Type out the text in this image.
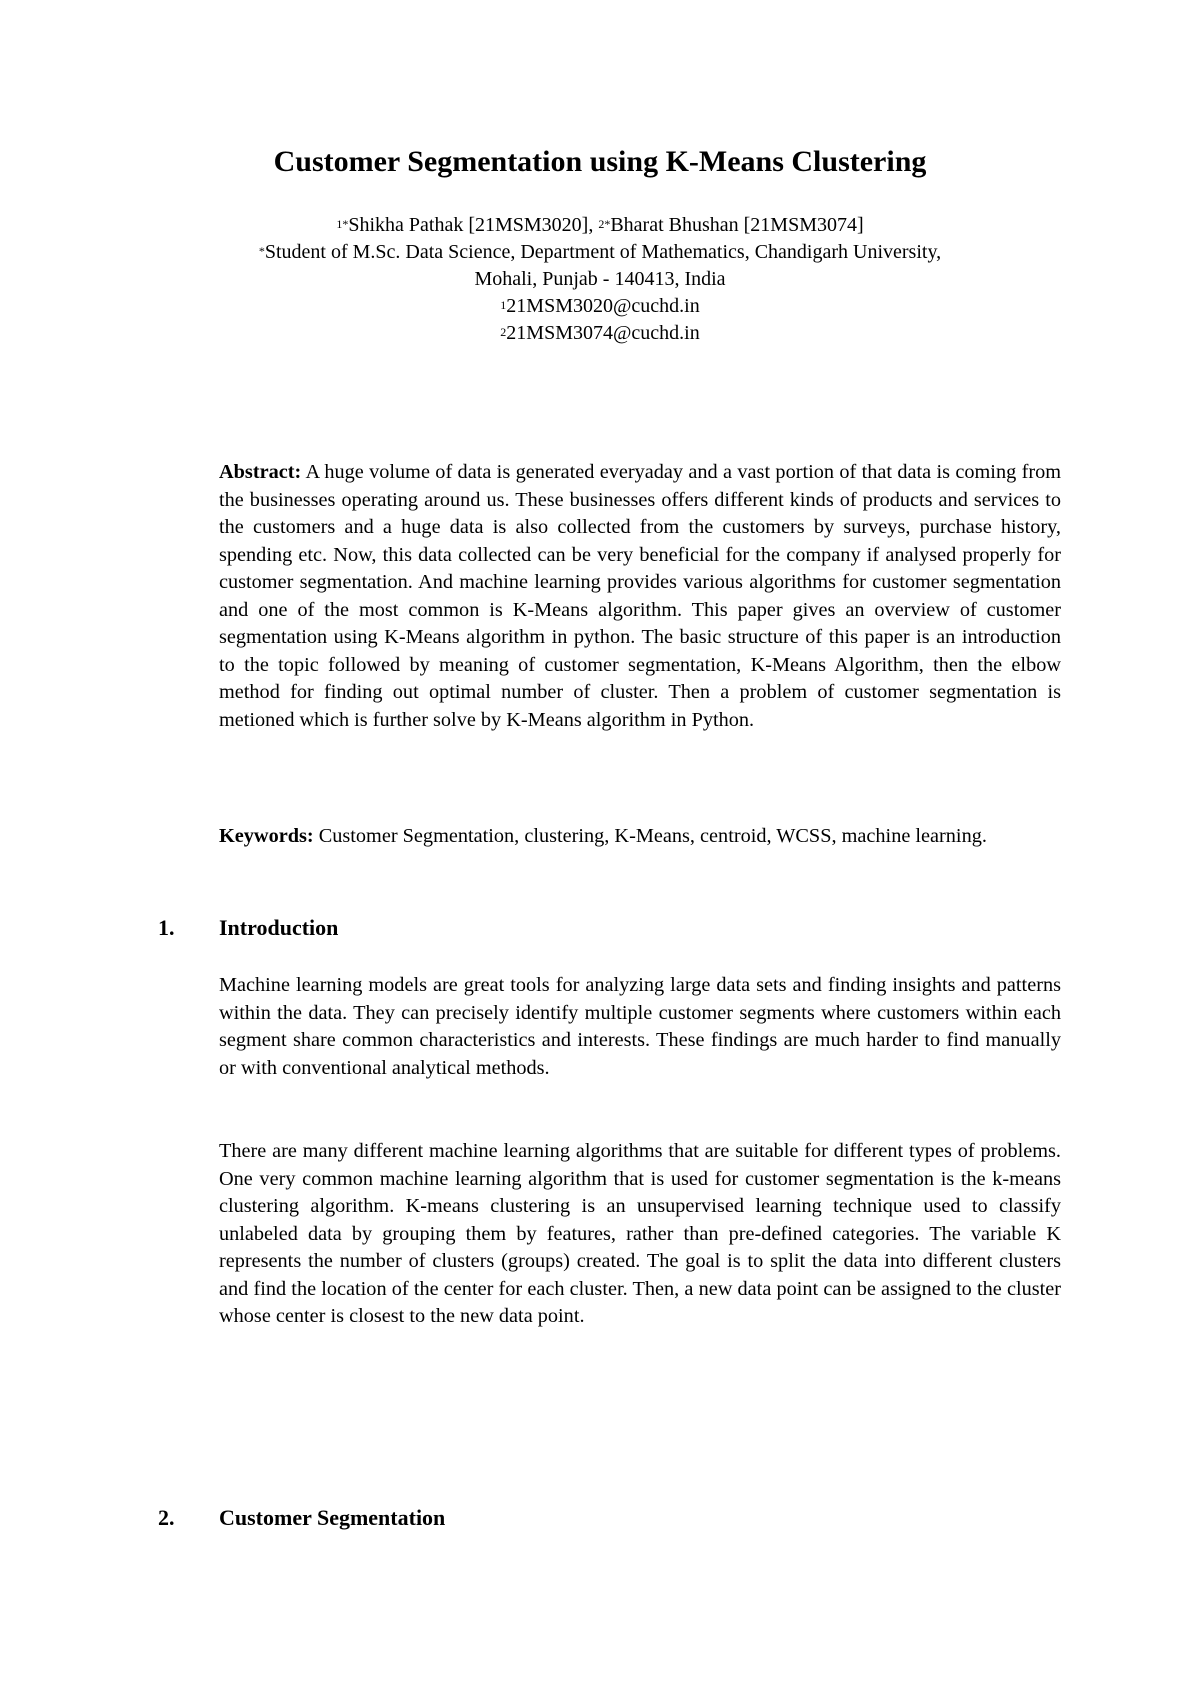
Customer Segmentation using K-Means Clustering
$^{1*}$Shikha Pathak [21MSM3020], $^{2*}$Bharat Bhushan [21MSM3074]
*Student of M.Sc. Data Science, Department of Mathematics, Chandigarh University,
Mohali, Punjab - 140413, India
$^1$21MSM3020@cuchd.in
$^2$21MSM3074@cuchd.in

Abstract: A huge volume of data is generated everyaday and a vast portion of that data is coming from the businesses operating around us. These businesses offers different kinds of products and services to the customers and a huge data is also collected from the customers by surveys, purchase history, spending etc. Now, this data collected can be very beneficial for the company if analysed properly for customer segmentation. And machine learning provides various algorithms for customer segmentation and one of the most common is K-Means algorithm. This paper gives an overview of customer segmentation using K-Means algorithm in python. The basic structure of this paper is an introduction to the topic followed by meaning of customer segmentation, K-Means Algorithm, then the elbow method for finding out optimal number of cluster. Then a problem of customer segmentation is metioned which is further solve by K-Means algorithm in Python.

Keywords: Customer Segmentation, clustering, K-Means, centroid, WCSS, machine learning.

1. Introduction

Machine learning models are great tools for analyzing large data sets and finding insights and patterns within the data. They can precisely identify multiple customer segments where customers within each segment share common characteristics and interests. These findings are much harder to find manually or with conventional analytical methods.

There are many different machine learning algorithms that are suitable for different types of problems. One very common machine learning algorithm that is used for customer segmentation is the k-means clustering algorithm. K-means clustering is an unsupervised learning technique used to classify unlabeled data by grouping them by features, rather than pre-defined categories. The variable K represents the number of clusters (groups) created. The goal is to split the data into different clusters and find the location of the center for each cluster. Then, a new data point can be assigned to the cluster whose center is closest to the new data point.

2. Customer Segmentation
